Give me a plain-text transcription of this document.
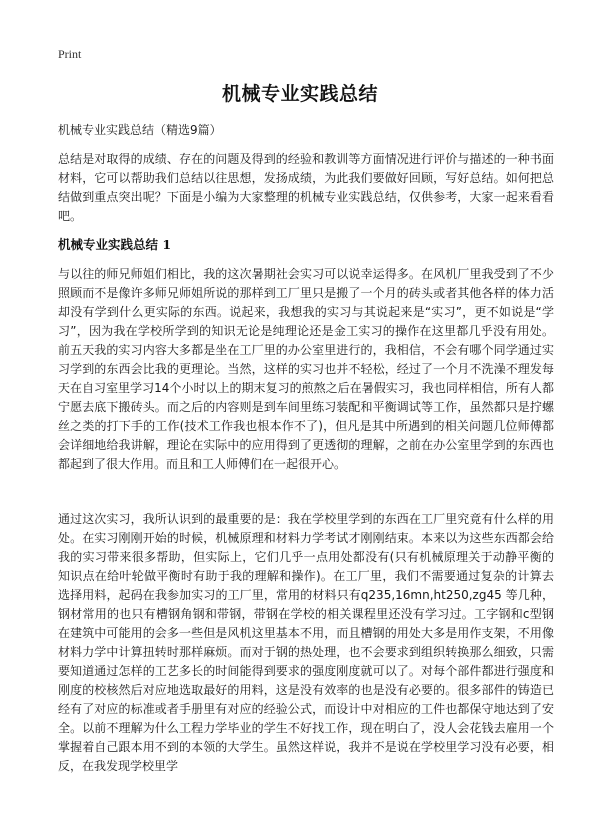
Print
机械专业实践总结
机械专业实践总结（精选9篇）

总结是对取得的成绩、存在的问题及得到的经验和教训等方面情况进行评价与描述的一种书面材料，它可以帮助我们总结以往思想，发扬成绩，为此我们要做好回顾，写好总结。如何把总结做到重点突出呢？下面是小编为大家整理的机械专业实践总结，仅供参考，大家一起来看看吧。

机械专业实践总结 1

与以往的师兄师姐们相比，我的这次暑期社会实习可以说幸运得多。在风机厂里我受到了不少照顾而不是像许多师兄师姐所说的那样到工厂里只是搬了一个月的砖头或者其他各样的体力活却没有学到什么更实际的东西。说起来，我想我的实习与其说起来是“实习”，更不如说是“学习”，因为我在学校所学到的知识无论是纯理论还是金工实习的操作在这里都几乎没有用处。前五天我的实习内容大多都是坐在工厂里的办公室里进行的，我相信，不会有哪个同学通过实习学到的东西会比我的更理论。当然，这样的实习也并不轻松，经过了一个月不洗澡不理发每天在自习室里学习14个小时以上的期末复习的煎熬之后在暑假实习，我也同样相信，所有人都宁愿去底下搬砖头。而之后的内容则是到车间里练习装配和平衡调试等工作，虽然都只是拧螺丝之类的打下手的工作(技术工作我也根本作不了)，但凡是其中所遇到的相关问题几位师傅都会详细地给我讲解，理论在实际中的应用得到了更透彻的理解，之前在办公室里学到的东西也都起到了很大作用。而且和工人师傅们在一起很开心。

通过这次实习，我所认识到的最重要的是：我在学校里学到的东西在工厂里究竟有什么样的用处。在实习刚刚开始的时候，机械原理和材料力学考试才刚刚结束。本来以为这些东西都会给我的实习带来很多帮助，但实际上，它们几乎一点用处都没有(只有机械原理关于动静平衡的知识点在给叶轮做平衡时有助于我的理解和操作)。在工厂里，我们不需要通过复杂的计算去选择用料，起码在我参加实习的工厂里，常用的材料只有q235,16mn,ht250,zg45 等几种，钢材常用的也只有槽钢角钢和带钢，带钢在学校的相关课程里还没有学习过。工字钢和c型钢在建筑中可能用的会多一些但是风机这里基本不用，而且槽钢的用处大多是用作支架，不用像材料力学中计算扭转时那样麻烦。而对于钢的热处理，也不会要求到组织转换那么细致，只需要知道通过怎样的工艺多长的时间能得到要求的强度刚度就可以了。对每个部件都进行强度和刚度的校核然后对应地选取最好的用料，这是没有效率的也是没有必要的。很多部件的铸造已经有了对应的标准或者手册里有对应的经验公式，而设计中对相应的工件也都保守地达到了安全。以前不理解为什么工程力学毕业的学生不好找工作，现在明白了，没人会花钱去雇用一个掌握着自己跟本用不到的本领的大学生。虽然这样说，我并不是说在学校里学习没有必要，相反，在我发现学校里学
